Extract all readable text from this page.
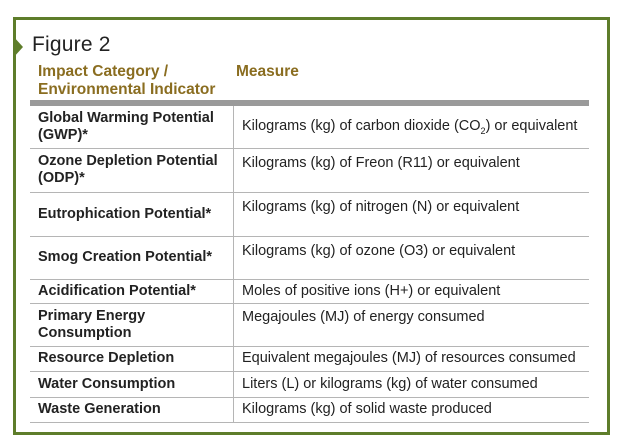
Figure 2
Impact Category / Environmental Indicator
Measure
Global Warming Potential (GWP)*		Kilograms (kg) of carbon dioxide $(CO_2)$ or equivalent
Ozone Depletion Potential (ODP)*		Kilograms (kg) of Freon (R11) or equivalent
Eutrophication Potential*		Kilograms (kg) of nitrogen (N) or equivalent
Smog Creation Potential*		Kilograms (kg) of ozone (O3) or equivalent
Acidification Potential*		Moles of positive ions (H+) or equivalent
Primary Energy Consumption		Megajoules (MJ) of energy consumed
Resource Depletion		Equivalent megajoules (MJ) of resources consumed
Water Consumption		Liters (L) or kilograms (kg) of water consumed
Waste Generation		Kilograms (kg) of solid waste produced
